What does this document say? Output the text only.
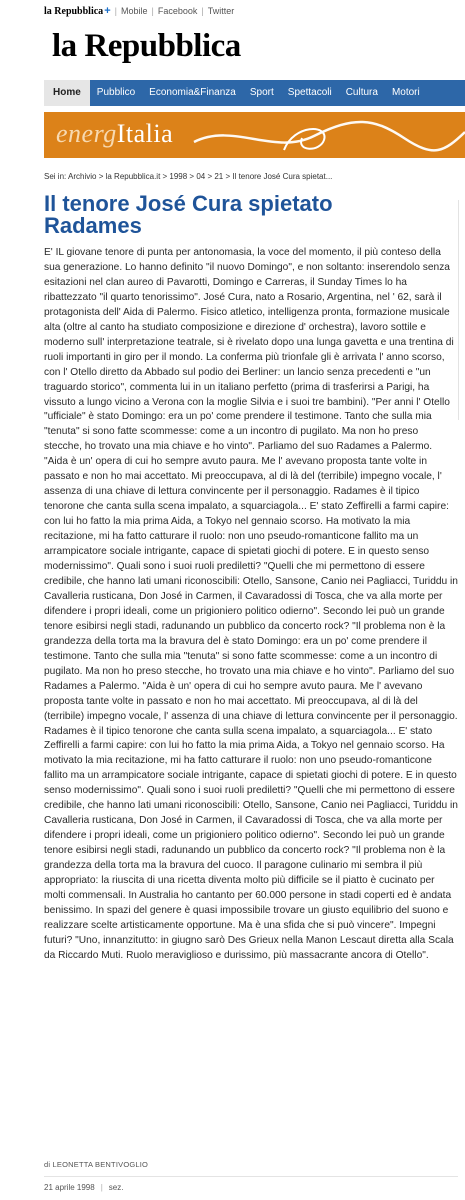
la Repubblica + | Mobile | Facebook | Twitter
la Repubblica
Home	Pubblico	Economia&Finanza	Sport	Spettacoli	Cultura	Motori
energItalia
Sei in: Archivio > la Repubblica.it > 1998 > 04 > 21 > Il tenore José Cura spietat...
Il tenore José Cura spietato Radames
E' IL giovane tenore di punta per antonomasia, la voce del momento, il più conteso della sua generazione. Lo hanno definito "il nuovo Domingo", e non soltanto: inserendolo senza esitazioni nel clan aureo di Pavarotti, Domingo e Carreras, il Sunday Times lo ha ribattezzato "il quarto tenorissimo". José Cura, nato a Rosario, Argentina, nel ' 62, sarà il protagonista dell' Aida di Palermo. Fisico atletico, intelligenza pronta, formazione musicale alta (oltre al canto ha studiato composizione e direzione d' orchestra), lavoro sottile e moderno sull' interpretazione teatrale, si è rivelato dopo una lunga gavetta e una trentina di ruoli importanti in giro per il mondo. La conferma più trionfale gli è arrivata l' anno scorso, con l' Otello diretto da Abbado sul podio dei Berliner: un lancio senza precedenti e "un traguardo storico", commenta lui in un italiano perfetto (prima di trasferirsi a Parigi, ha vissuto a lungo vicino a Verona con la moglie Silvia e i suoi tre bambini). "Per anni l' Otello "ufficiale" è stato Domingo: era un po' come prendere il testimone. Tanto che sulla mia "tenuta" si sono fatte scommesse: come a un incontro di pugilato. Ma non ho preso stecche, ho trovato una mia chiave e ho vinto". Parliamo del suo Radames a Palermo. "Aida è un' opera di cui ho sempre avuto paura. Me l' avevano proposta tante volte in passato e non ho mai accettato. Mi preoccupava, al di là del (terribile) impegno vocale, l' assenza di una chiave di lettura convincente per il personaggio. Radames è il tipico tenorone che canta sulla scena impalato, a squarciagola... E' stato Zeffirelli a farmi capire: con lui ho fatto la mia prima Aida, a Tokyo nel gennaio scorso. Ha motivato la mia recitazione, mi ha fatto catturare il ruolo: non uno pseudo-romanticone fallito ma un arrampicatore sociale intrigante, capace di spietati giochi di potere. E in questo senso modernissimo". Quali sono i suoi ruoli prediletti? "Quelli che mi permettono di essere credibile, che hanno lati umani riconoscibili: Otello, Sansone, Canio nei Pagliacci, Turiddu in Cavalleria rusticana, Don José in Carmen, il Cavaradossi di Tosca, che va alla morte per difendere i propri ideali, come un prigioniero politico odierno". Secondo lei può un grande tenore esibirsi negli stadi, radunando un pubblico da concerto rock? "Il problema non è la grandezza della torta ma la bravura del è stato Domingo: era un po' come prendere il testimone. Tanto che sulla mia "tenuta" si sono fatte scommesse: come a un incontro di pugilato. Ma non ho preso stecche, ho trovato una mia chiave e ho vinto". Parliamo del suo Radames a Palermo. "Aida è un' opera di cui ho sempre avuto paura. Me l' avevano proposta tante volte in passato e non ho mai accettato. Mi preoccupava, al di là del (terribile) impegno vocale, l' assenza di una chiave di lettura convincente per il personaggio. Radames è il tipico tenorone che canta sulla scena impalato, a squarciagola... E' stato Zeffirelli a farmi capire: con lui ho fatto la mia prima Aida, a Tokyo nel gennaio scorso. Ha motivato la mia recitazione, mi ha fatto catturare il ruolo: non uno pseudo-romanticone fallito ma un arrampicatore sociale intrigante, capace di spietati giochi di potere. E in questo senso modernissimo". Quali sono i suoi ruoli prediletti? "Quelli che mi permettono di essere credibile, che hanno lati umani riconoscibili: Otello, Sansone, Canio nei Pagliacci, Turiddu in Cavalleria rusticana, Don José in Carmen, il Cavaradossi di Tosca, che va alla morte per difendere i propri ideali, come un prigioniero politico odierno". Secondo lei può un grande tenore esibirsi negli stadi, radunando un pubblico da concerto rock? "Il problema non è la grandezza della torta ma la bravura del cuoco. Il paragone culinario mi sembra il più appropriato: la riuscita di una ricetta diventa molto più difficile se il piatto è cucinato per molti commensali. In Australia ho cantanto per 60.000 persone in stadi coperti ed è andata benissimo. In spazi del genere è quasi impossibile trovare un giusto equilibrio del suono e realizzare scelte artisticamente opportune. Ma è una sfida che si può vincere". Impegni futuri? "Uno, innanzitutto: in giugno sarò Des Grieux nella Manon Lescaut diretta alla Scala da Riccardo Muti. Ruolo meraviglioso e durissimo, più massacrante ancora di Otello".
di LEONETTA BENTIVOGLIO
21 aprile 1998 | sez.
